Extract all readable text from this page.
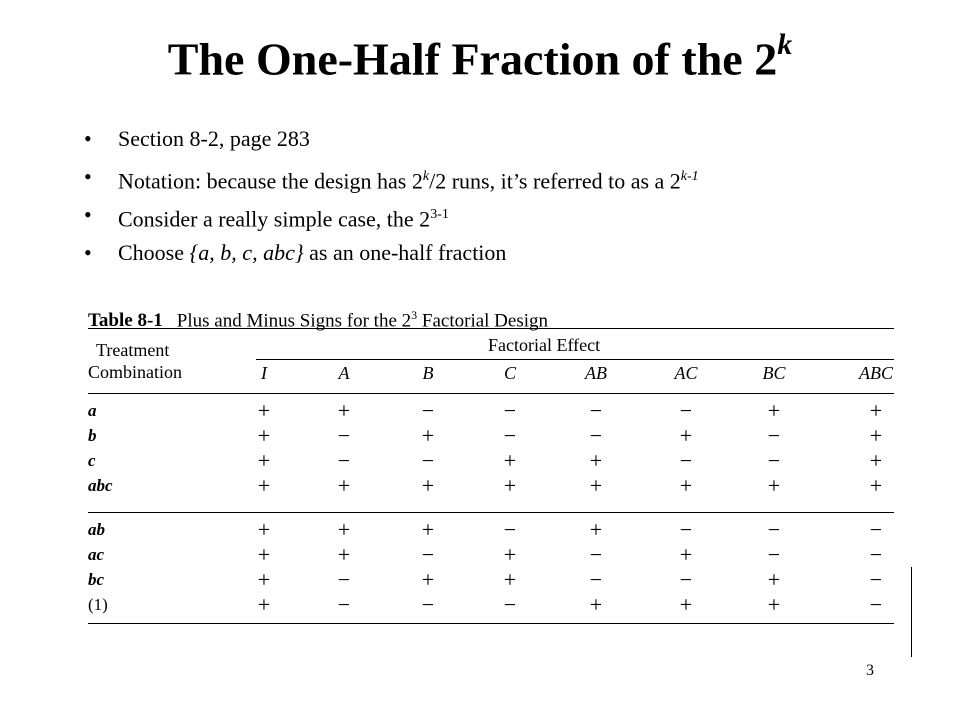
The One-Half Fraction of the 2$^k$
• Section 8-2, page 283
• Notation: because the design has 2$^k$/2 runs, it’s referred to as a 2$^{k-1}$
• Consider a really simple case, the 2$^{3-1}$
• Choose {a, b, c, abc} as an one-half fraction
Table 8-1 Plus and Minus Signs for the $2^3$ Factorial Design
Treatment
Combination
Factorial Effect
I	A	B	C	AB	AC	BC	ABC
a	+	+	−	−	−	−	+	+
b	+	−	+	−	−	+	−	+
c	+	−	−	+	+	−	−	+
abc	+	+	+	+	+	+	+	+
ab	+	+	+	−	+	−	−	−
ac	+	+	−	+	−	+	−	−
bc	+	−	+	+	−	−	+	−
(1)	+	−	−	−	+	+	+	−
3
